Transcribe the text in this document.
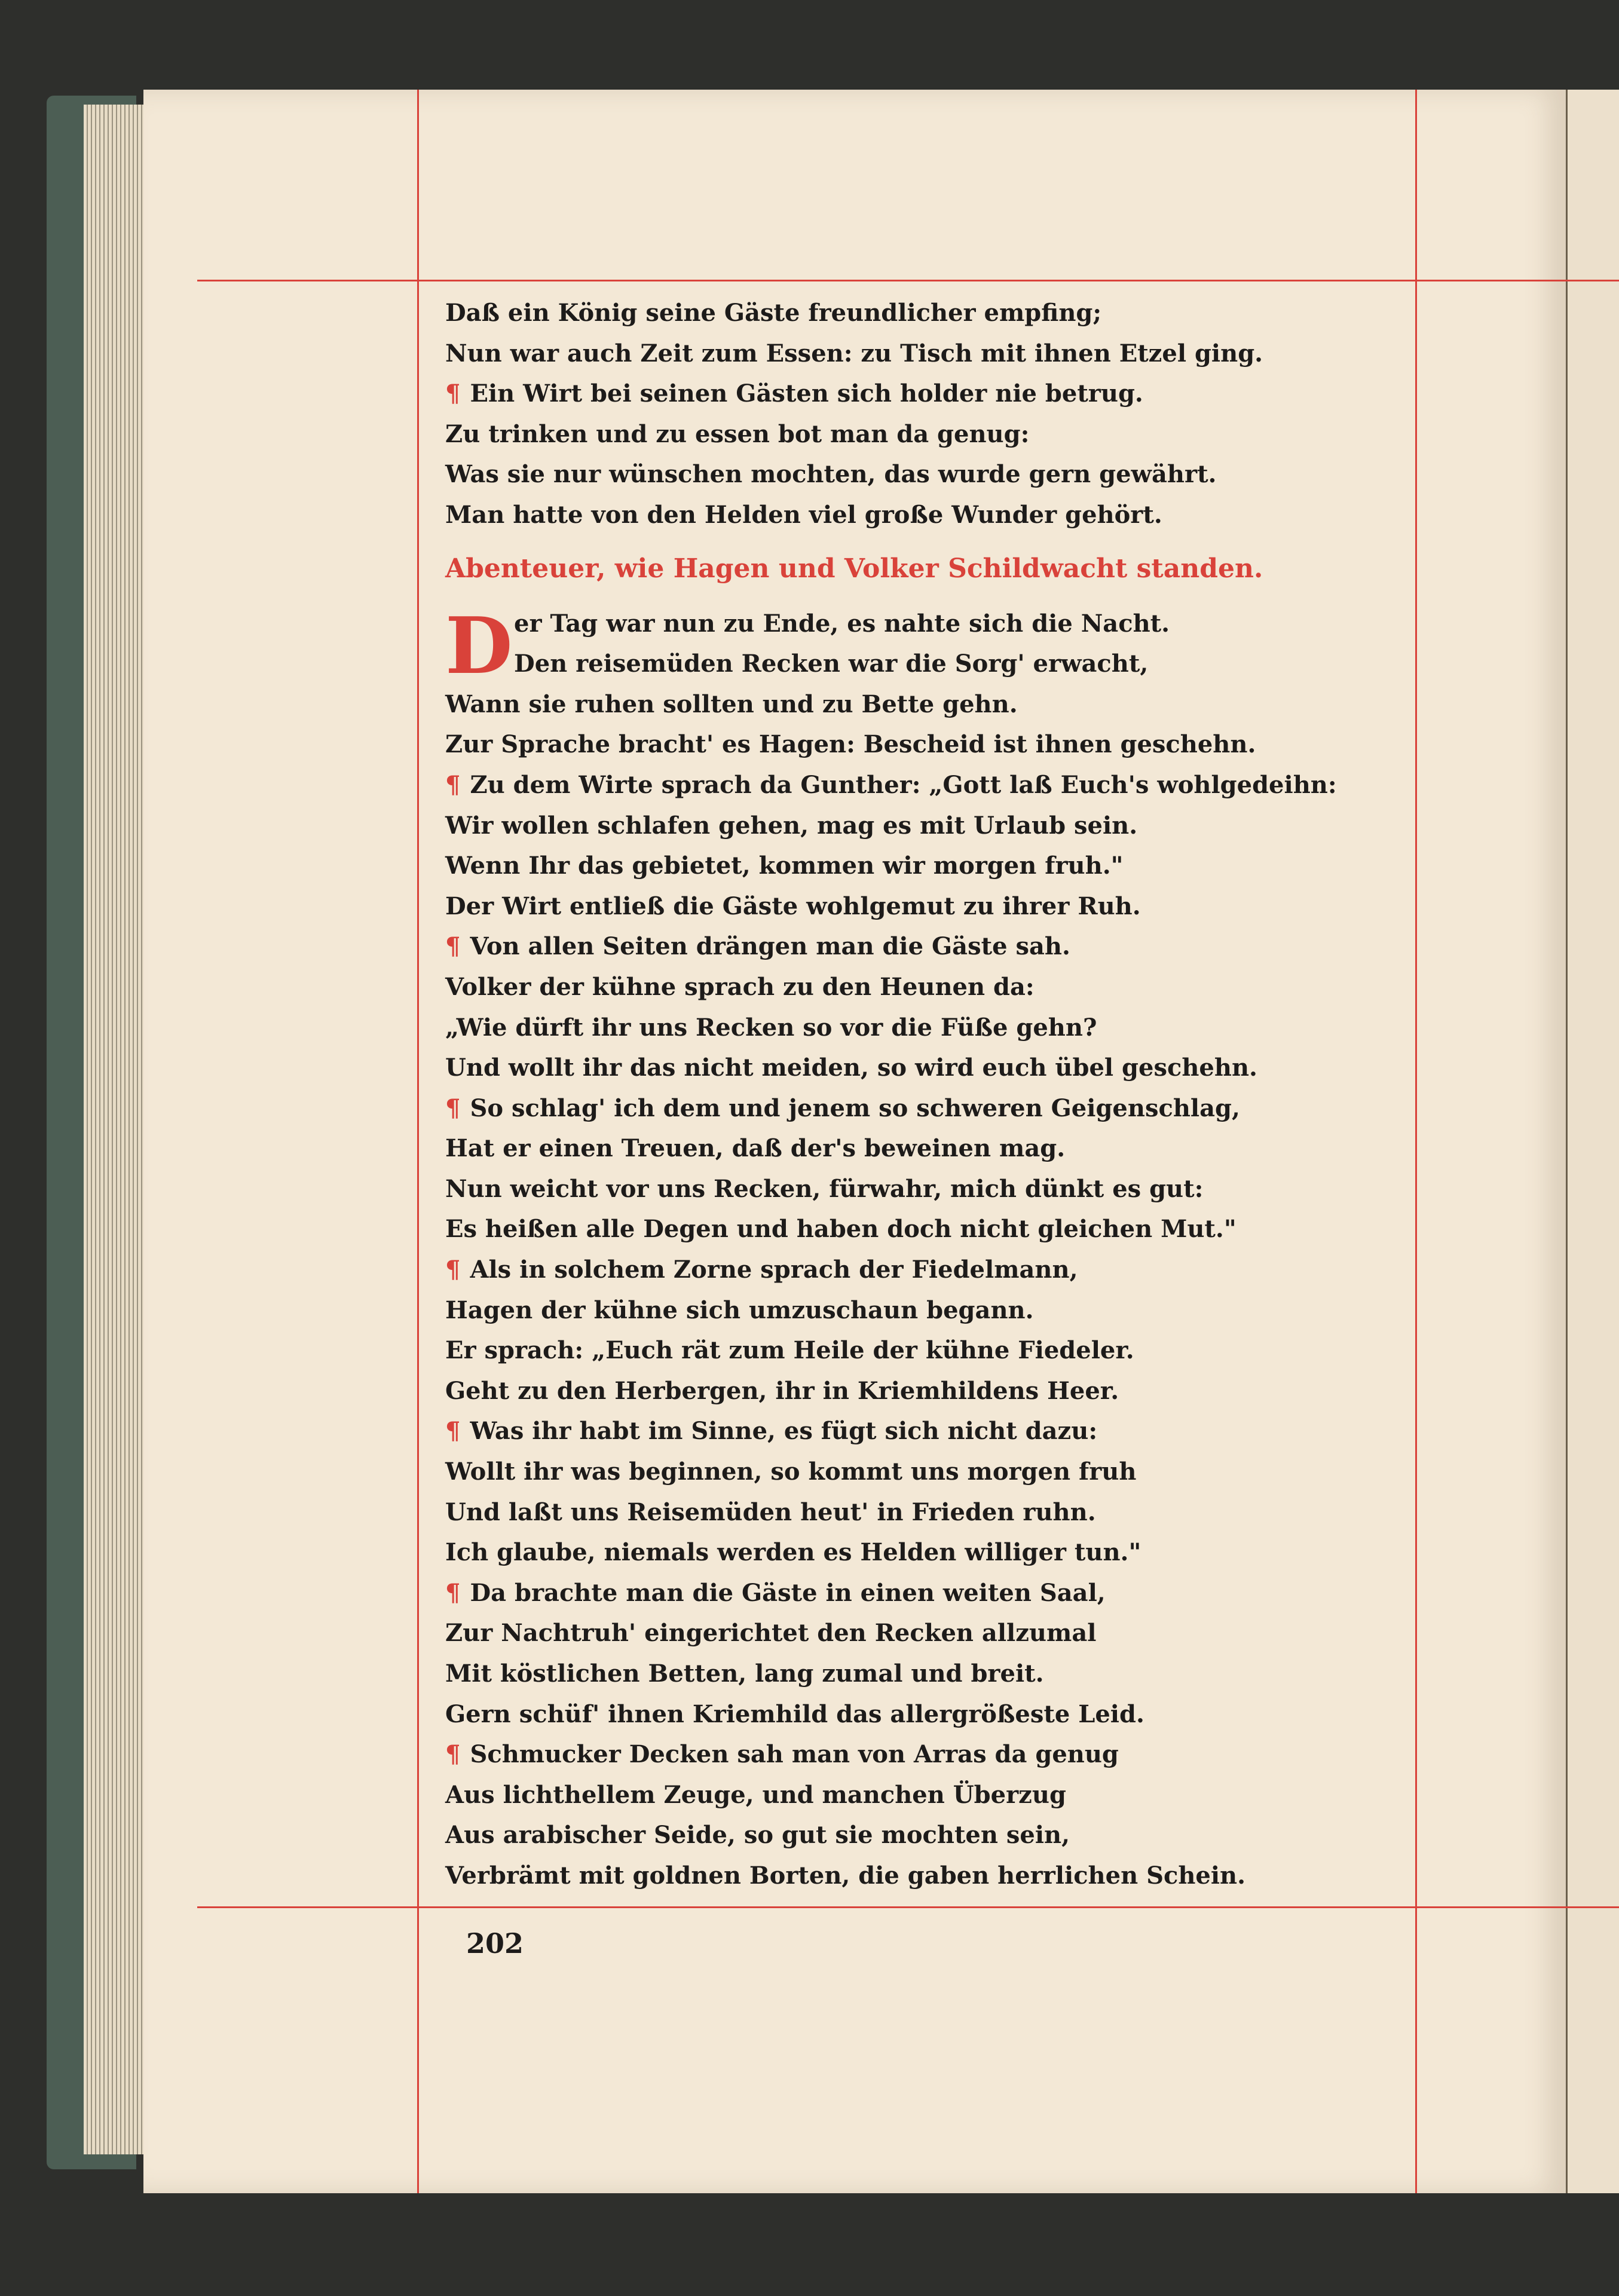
Daß ein König seine Gäste freundlicher empfing;
Nun war auch Zeit zum Essen: zu Tisch mit ihnen Etzel ging.
¶ Ein Wirt bei seinen Gästen sich holder nie betrug.
Zu trinken und zu essen bot man da genug:
Was sie nur wünschen mochten, das wurde gern gewährt.
Man hatte von den Helden viel große Wunder gehört.
Abenteuer, wie Hagen und Volker Schildwacht standen.
D er Tag war nun zu Ende, es nahte sich die Nacht.
Den reisemüden Recken war die Sorg' erwacht,
Wann sie ruhen sollten und zu Bette gehn.
Zur Sprache bracht' es Hagen: Bescheid ist ihnen geschehn.
¶ Zu dem Wirte sprach da Gunther: „Gott laß Euch's wohlgedeihn:
Wir wollen schlafen gehen, mag es mit Urlaub sein.
Wenn Ihr das gebietet, kommen wir morgen fruh."
Der Wirt entließ die Gäste wohlgemut zu ihrer Ruh.
¶ Von allen Seiten drängen man die Gäste sah.
Volker der kühne sprach zu den Heunen da:
„Wie dürft ihr uns Recken so vor die Füße gehn?
Und wollt ihr das nicht meiden, so wird euch übel geschehn.
¶ So schlag' ich dem und jenem so schweren Geigenschlag,
Hat er einen Treuen, daß der's beweinen mag.
Nun weicht vor uns Recken, fürwahr, mich dünkt es gut:
Es heißen alle Degen und haben doch nicht gleichen Mut."
¶ Als in solchem Zorne sprach der Fiedelmann,
Hagen der kühne sich umzuschaun begann.
Er sprach: „Euch rät zum Heile der kühne Fiedeler.
Geht zu den Herbergen, ihr in Kriemhildens Heer.
¶ Was ihr habt im Sinne, es fügt sich nicht dazu:
Wollt ihr was beginnen, so kommt uns morgen fruh
Und laßt uns Reisemüden heut' in Frieden ruhn.
Ich glaube, niemals werden es Helden williger tun."
¶ Da brachte man die Gäste in einen weiten Saal,
Zur Nachtruh' eingerichtet den Recken allzumal
Mit köstlichen Betten, lang zumal und breit.
Gern schüf' ihnen Kriemhild das allergrößeste Leid.
¶ Schmucker Decken sah man von Arras da genug
Aus lichthellem Zeuge, und manchen Überzug
Aus arabischer Seide, so gut sie mochten sein,
Verbrämt mit goldnen Borten, die gaben herrlichen Schein.
202
